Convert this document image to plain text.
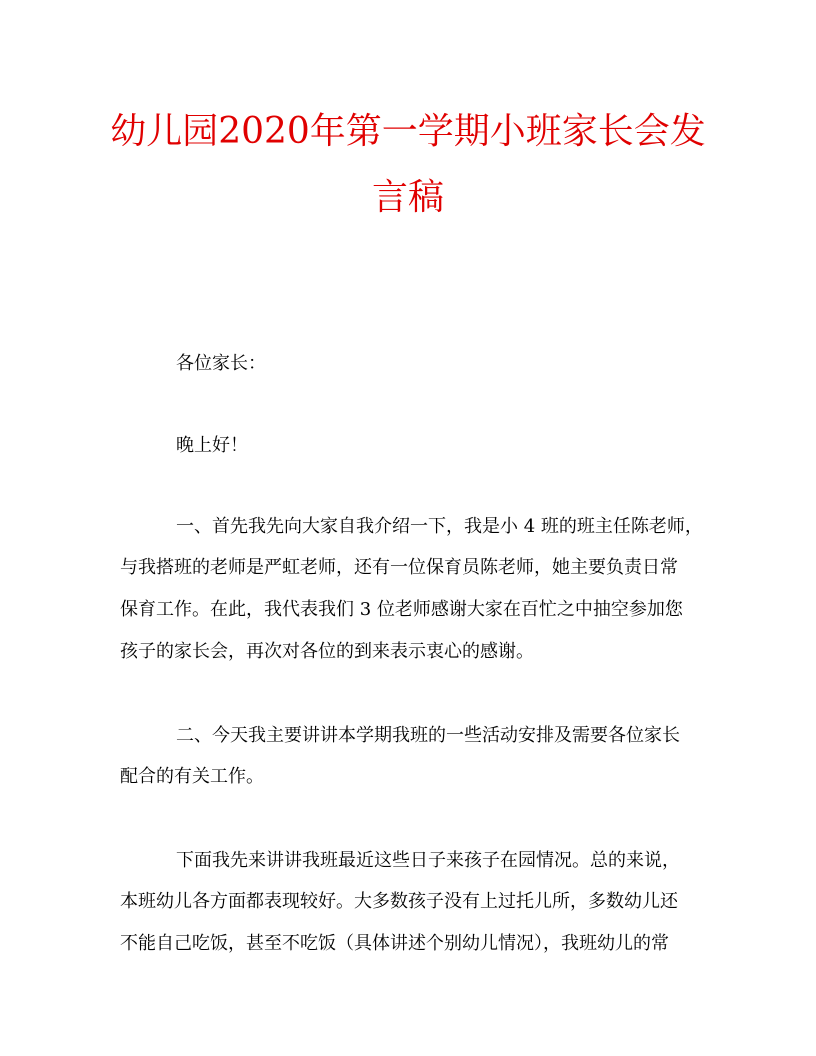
幼儿园2020年第一学期小班家长会发
言稿
各位家长：
晚上好！
一、首先我先向大家自我介绍一下，我是小 4 班的班主任陈老师，
与我搭班的老师是严虹老师，还有一位保育员陈老师，她主要负责日常
保育工作。在此，我代表我们 3 位老师感谢大家在百忙之中抽空参加您
孩子的家长会，再次对各位的到来表示衷心的感谢。
二、今天我主要讲讲本学期我班的一些活动安排及需要各位家长
配合的有关工作。
下面我先来讲讲我班最近这些日子来孩子在园情况。总的来说，
本班幼儿各方面都表现较好。大多数孩子没有上过托儿所，多数幼儿还
不能自己吃饭，甚至不吃饭（具体讲述个别幼儿情况），我班幼儿的常
